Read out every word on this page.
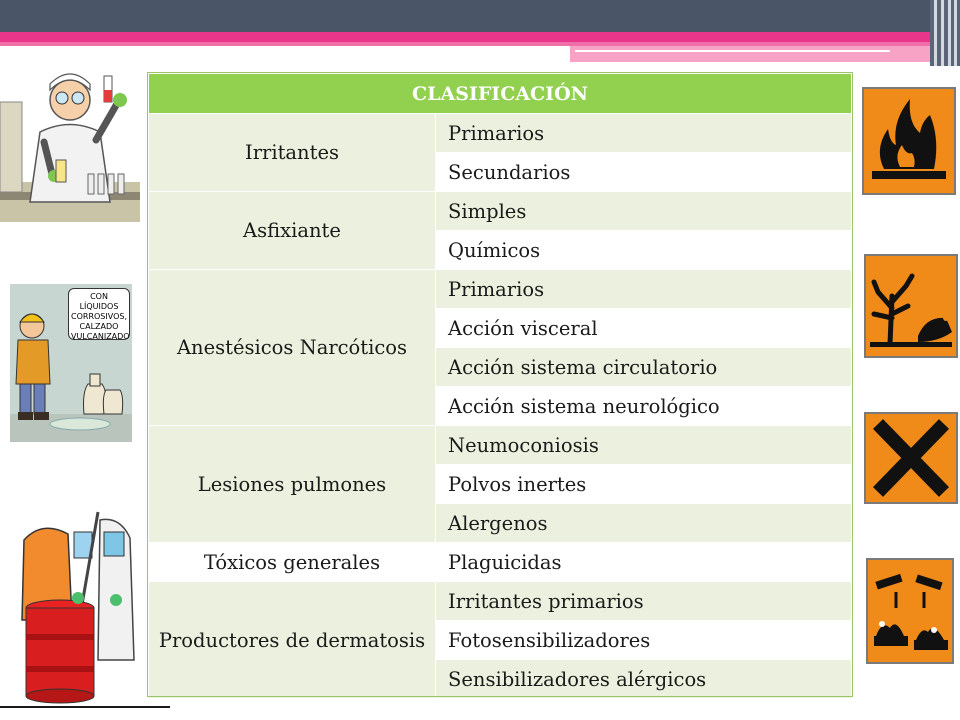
CLASIFICACIÓN	
Irritantes	Primarios
	Secundarios
Asfixiante	Simples
	Químicos
Anestésicos Narcóticos	Primarios
	Acción visceral
	Acción sistema circulatorio
	Acción sistema neurológico
Lesiones pulmones	Neumoconiosis
	Polvos inertes
	Alergenos
Tóxicos generales	Plaguicidas
Productores de dermatosis	Irritantes primarios
	Fotosensibilizadores
	Sensibilizadores alérgicos
CON LÍQUIDOS
CORROSIVOS,
CALZADO
VULCANIZADO
